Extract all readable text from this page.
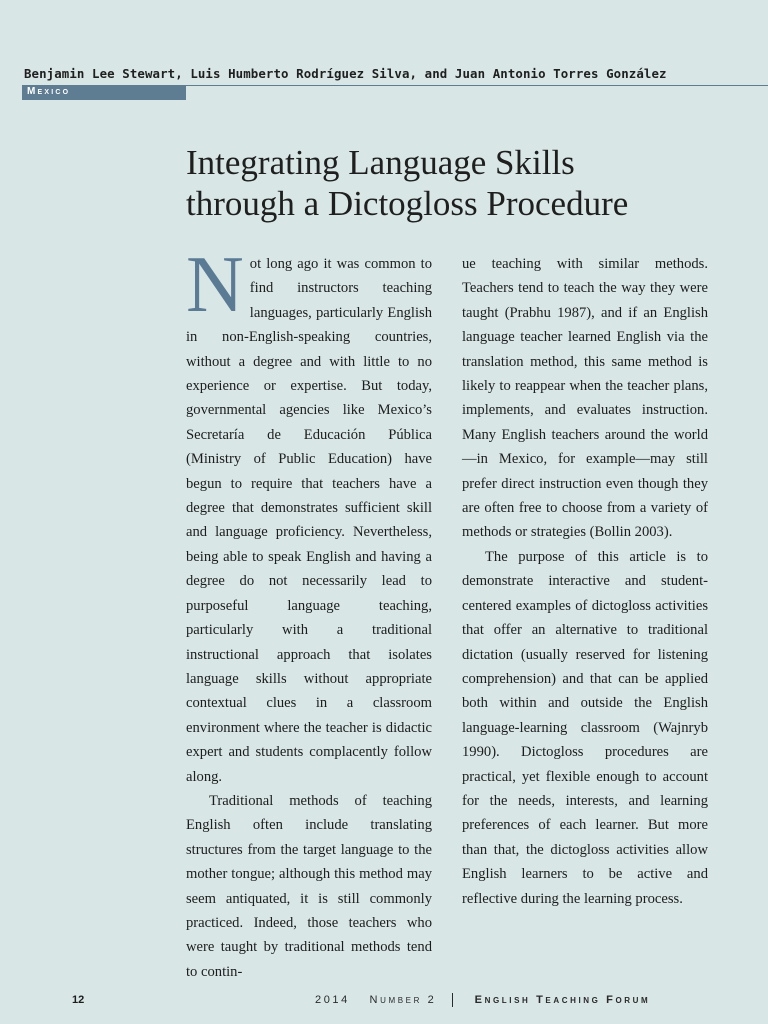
Benjamin Lee Stewart, Luis Humberto Rodríguez Silva, and Juan Antonio Torres González
Mexico
Integrating Language Skills
through a Dictogloss Procedure

Not long ago it was common to find instructors teaching languages, particularly English in non-English-speaking countries, without a degree and with little to no experience or expertise. But today, governmental agencies like Mexico’s Secretaría de Educación Pública (Ministry of Public Education) have begun to require that teachers have a degree that demonstrates sufficient skill and language proficiency. Nevertheless, being able to speak English and having a degree do not necessarily lead to purposeful language teaching, particularly with a traditional instructional approach that isolates language skills without appropriate contextual clues in a classroom environment where the teacher is didactic expert and students complacently follow along.

Traditional methods of teaching English often include translating structures from the target language to the mother tongue; although this method may seem antiquated, it is still commonly practiced. Indeed, those teachers who were taught by traditional methods tend to contin-

ue teaching with similar methods. Teachers tend to teach the way they were taught (Prabhu 1987), and if an English language teacher learned English via the translation method, this same method is likely to reappear when the teacher plans, implements, and evaluates instruction. Many English teachers around the world—in Mexico, for example—may still prefer direct instruction even though they are often free to choose from a variety of methods or strategies (Bollin 2003).

The purpose of this article is to demonstrate interactive and student-centered examples of dictogloss activities that offer an alternative to traditional dictation (usually reserved for listening comprehension) and that can be applied both within and outside the English language-learning classroom (Wajnryb 1990). Dictogloss procedures are practical, yet flexible enough to account for the needs, interests, and learning preferences of each learner. But more than that, the dictogloss activities allow English learners to be active and reflective during the learning process.

12	2014 Number 2	English Teaching Forum
